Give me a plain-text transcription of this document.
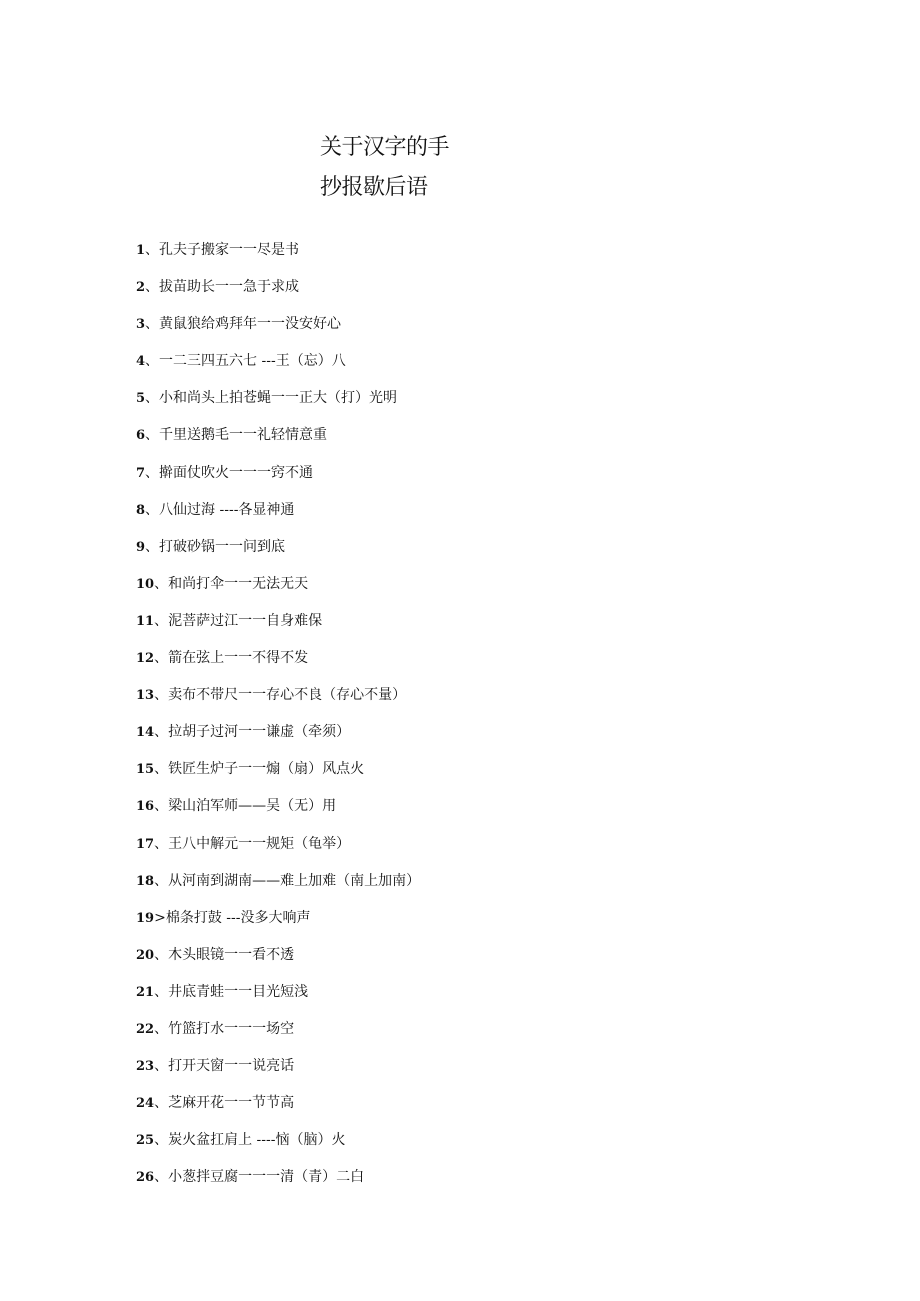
关于汉字的手
抄报歇后语
1、孔夫子搬家一一尽是书
2、拔苗助长一一急于求成
3、黄鼠狼给鸡拜年一一没安好心
4、一二三四五六七 ---王（忘）八
5、小和尚头上拍苍蝇一一正大（打）光明
6、千里送鹅毛一一礼轻情意重
7、擀面仗吹火一一一窍不通
8、八仙过海 ----各显神通
9、打破砂锅一一问到底
10、和尚打伞一一无法无天
11、泥菩萨过江一一自身难保
12、箭在弦上一一不得不发
13、卖布不带尺一一存心不良（存心不量）
14、拉胡子过河一一谦虚（牵须）
15、铁匠生炉子一一煽（扇）风点火
16、梁山泊军师——吴（无）用
17、王八中解元一一规矩（龟举）
18、从河南到湖南——难上加难（南上加南）
19>棉条打鼓 ---没多大响声
20、木头眼镜一一看不透
21、井底青蛙一一目光短浅
22、竹篮打水一一一场空
23、打开天窗一一说亮话
24、芝麻开花一一节节高
25、炭火盆扛肩上 ----恼（脑）火
26、小葱拌豆腐一一一清（青）二白
